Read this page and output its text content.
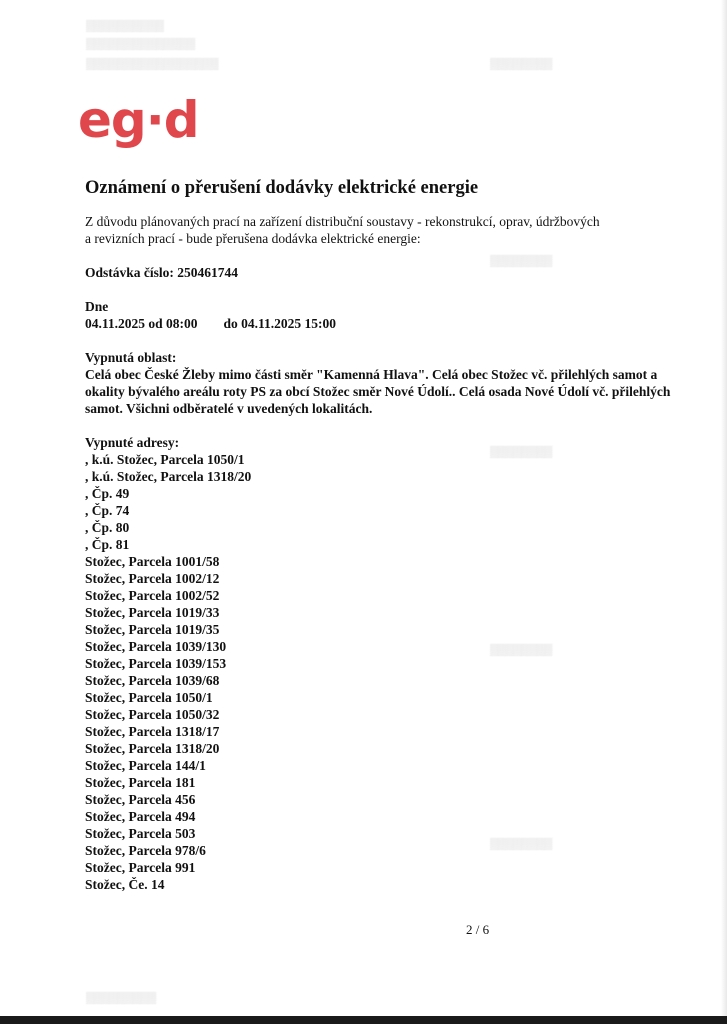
▒▒▒▒▒▒▒▒▒▒
▒▒▒▒▒▒▒▒▒▒▒▒▒▒
▒▒▒▒▒▒▒▒▒▒▒▒▒▒▒▒▒	▒▒▒▒▒▒▒▒
▒▒▒▒▒▒▒▒
▒▒▒▒▒▒▒▒
▒▒▒▒▒▒▒▒
▒▒▒▒▒▒▒▒
▒▒▒▒▒▒▒▒▒
eg·d
Oznámení o přerušení dodávky elektrické energie
Z důvodu plánovaných prací na zařízení distribuční soustavy - rekonstrukcí, oprav, údržbových a revizních prací - bude přerušena dodávka elektrické energie:
Odstávka číslo: 250461744
Dne
04.11.2025 od 08:00 do 04.11.2025 15:00
Vypnutá oblast:
Celá obec České Žleby mimo části směr "Kamenná Hlava". Celá obec Stožec vč. přilehlých samot a okality bývalého areálu roty PS za obcí Stožec směr Nové Údolí.. Celá osada Nové Údolí vč. přilehlých samot. Všichni odběratelé v uvedených lokalitách.
Vypnuté adresy:
, k.ú. Stožec, Parcela 1050/1
, k.ú. Stožec, Parcela 1318/20
, Čp. 49
, Čp. 74
, Čp. 80
, Čp. 81
Stožec, Parcela 1001/58
Stožec, Parcela 1002/12
Stožec, Parcela 1002/52
Stožec, Parcela 1019/33
Stožec, Parcela 1019/35
Stožec, Parcela 1039/130
Stožec, Parcela 1039/153
Stožec, Parcela 1039/68
Stožec, Parcela 1050/1
Stožec, Parcela 1050/32
Stožec, Parcela 1318/17
Stožec, Parcela 1318/20
Stožec, Parcela 144/1
Stožec, Parcela 181
Stožec, Parcela 456
Stožec, Parcela 494
Stožec, Parcela 503
Stožec, Parcela 978/6
Stožec, Parcela 991
Stožec, Če. 14
2 / 6
